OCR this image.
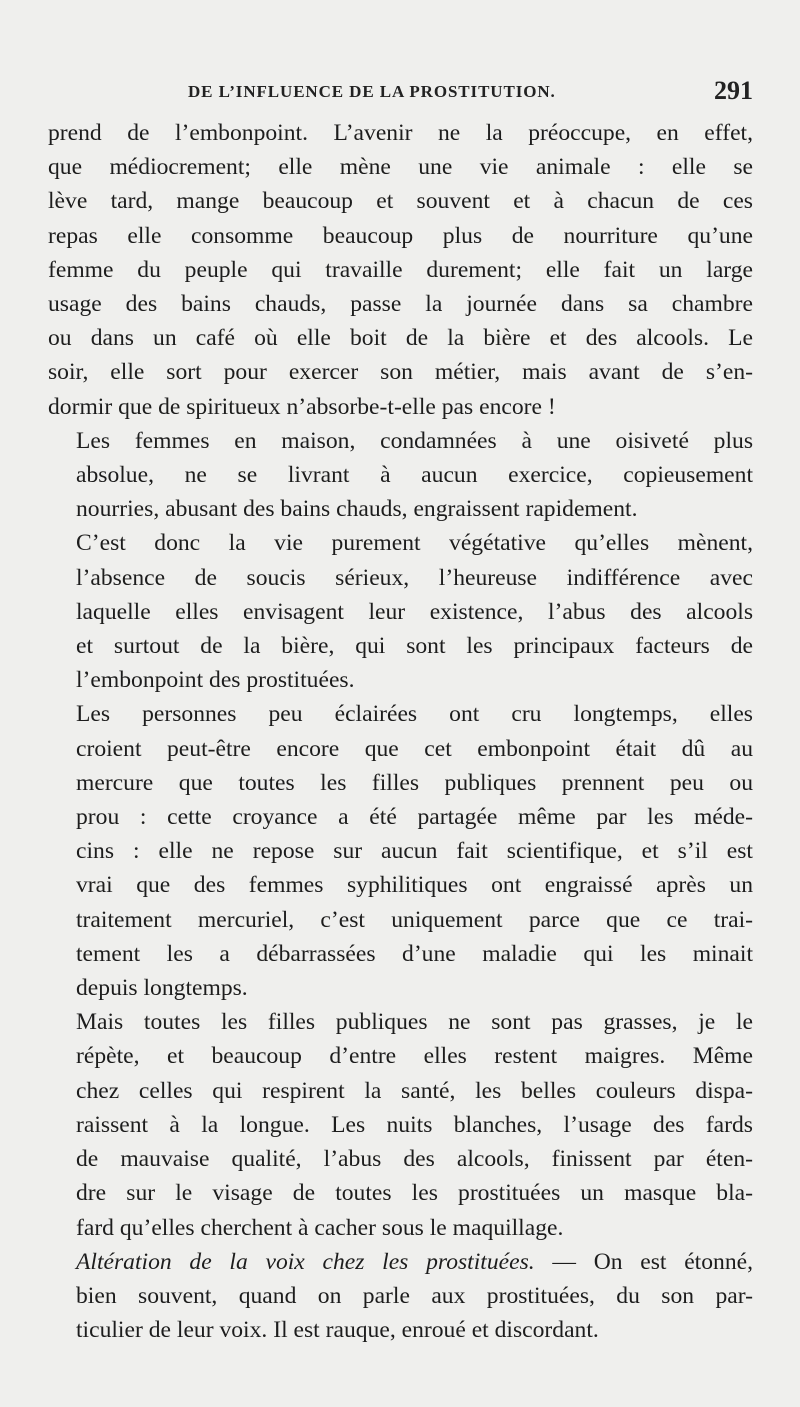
DE L’INFLUENCE DE LA PROSTITUTION.	291

prend de l’embonpoint. L’avenir ne la préoccupe, en effet,
que médiocrement; elle mène une vie animale : elle se
lève tard, mange beaucoup et souvent et à chacun de ces
repas elle consomme beaucoup plus de nourriture qu’une
femme du peuple qui travaille durement; elle fait un large
usage des bains chauds, passe la journée dans sa chambre
ou dans un café où elle boit de la bière et des alcools. Le
soir, elle sort pour exercer son métier, mais avant de s’en-
dormir que de spiritueux n’absorbe-t-elle pas encore !

Les femmes en maison, condamnées à une oisiveté plus
absolue, ne se livrant à aucun exercice, copieusement
nourries, abusant des bains chauds, engraissent rapidement.

C’est donc la vie purement végétative qu’elles mènent,
l’absence de soucis sérieux, l’heureuse indifférence avec
laquelle elles envisagent leur existence, l’abus des alcools
et surtout de la bière, qui sont les principaux facteurs de
l’embonpoint des prostituées.

Les personnes peu éclairées ont cru longtemps, elles
croient peut-être encore que cet embonpoint était dû au
mercure que toutes les filles publiques prennent peu ou
prou : cette croyance a été partagée même par les méde-
cins : elle ne repose sur aucun fait scientifique, et s’il est
vrai que des femmes syphilitiques ont engraissé après un
traitement mercuriel, c’est uniquement parce que ce trai-
tement les a débarrassées d’une maladie qui les minait
depuis longtemps.

Mais toutes les filles publiques ne sont pas grasses, je le
répète, et beaucoup d’entre elles restent maigres. Même
chez celles qui respirent la santé, les belles couleurs dispa-
raissent à la longue. Les nuits blanches, l’usage des fards
de mauvaise qualité, l’abus des alcools, finissent par éten-
dre sur le visage de toutes les prostituées un masque bla-
fard qu’elles cherchent à cacher sous le maquillage.

Altération de la voix chez les prostituées. — On est étonné,
bien souvent, quand on parle aux prostituées, du son par-
ticulier de leur voix. Il est rauque, enroué et discordant.
